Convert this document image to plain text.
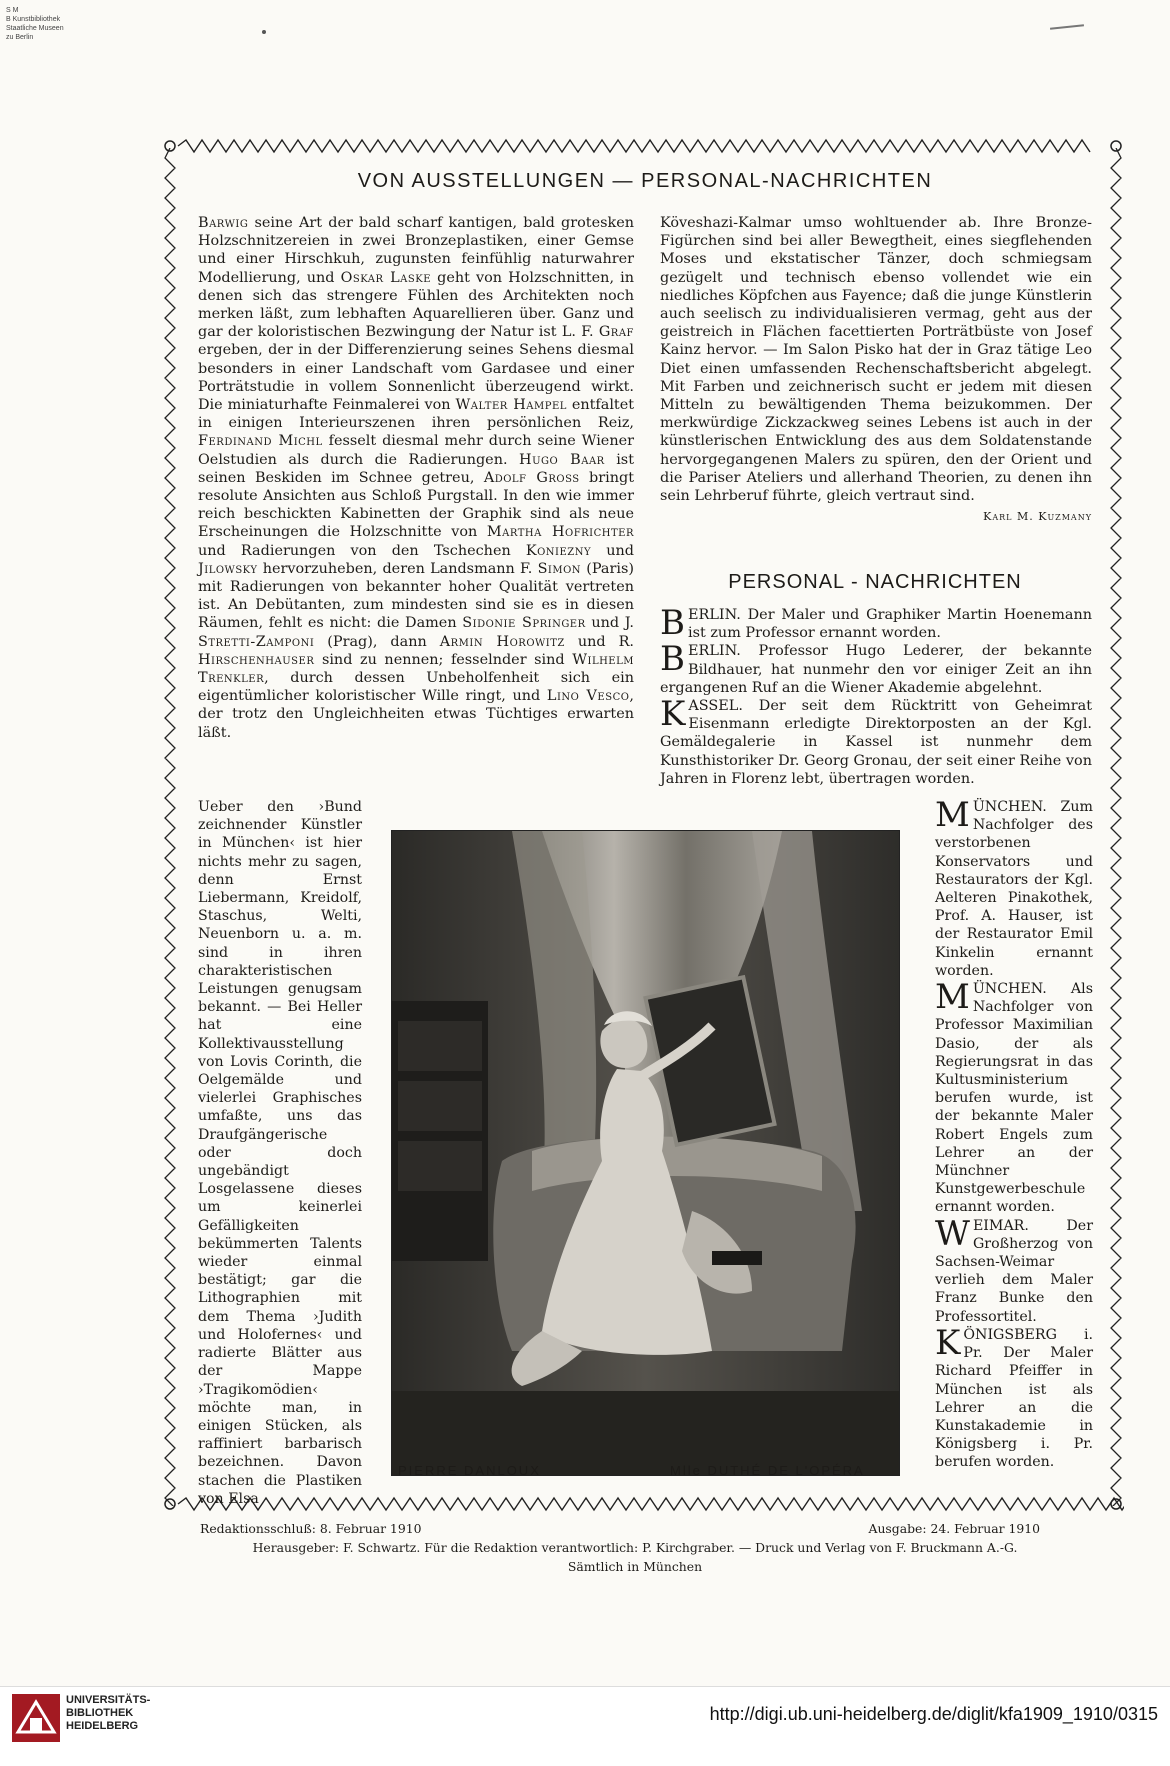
S M
B Kunstbibliothek
Staatliche Museen
zu Berlin
VON AUSSTELLUNGEN — PERSONAL-NACHRICHTEN

Barwig seine Art der bald scharf kantigen, bald grotesken Holzschnitzereien in zwei Bronzeplastiken, einer Gemse und einer Hirschkuh, zugunsten feinfühlig naturwahrer Modellierung, und Oskar Laske geht von Holzschnitten, in denen sich das strengere Fühlen des Architekten noch merken läßt, zum lebhaften Aquarellieren über. Ganz und gar der koloristischen Bezwingung der Natur ist L. F. Graf ergeben, der in der Differenzierung seines Sehens diesmal besonders in einer Landschaft vom Gardasee und einer Porträtstudie in vollem Sonnenlicht überzeugend wirkt. Die miniaturhafte Feinmalerei von Walter Hampel entfaltet in einigen Interieurszenen ihren persönlichen Reiz, Ferdinand Michl fesselt diesmal mehr durch seine Wiener Oelstudien als durch die Radierungen. Hugo Baar ist seinen Beskiden im Schnee getreu, Adolf Gross bringt resolute Ansichten aus Schloß Purgstall. In den wie immer reich beschickten Kabinetten der Graphik sind als neue Erscheinungen die Holzschnitte von Martha Hofrichter und Radierungen von den Tschechen Koniezny und Jilowsky hervorzuheben, deren Landsmann F. Simon (Paris) mit Radierungen von bekannter hoher Qualität vertreten ist. An Debütanten, zum mindesten sind sie es in diesen Räumen, fehlt es nicht: die Damen Sidonie Springer und J. Stretti-Zamponi (Prag), dann Armin Horowitz und R. Hirschenhauser sind zu nennen; fesselnder sind Wilhelm Trenkler, durch dessen Unbeholfenheit sich ein eigentümlicher koloristischer Wille ringt, und Lino Vesco, der trotz den Ungleichheiten etwas Tüchtiges erwarten läßt.

Ueber den ›Bund zeichnender Künstler in München‹ ist hier nichts mehr zu sagen, denn Ernst Liebermann, Kreidolf, Staschus, Welti, Neuenborn u. a. m. sind in ihren charakteristischen Leistungen genugsam bekannt. — Bei Heller hat eine Kollektivausstellung von Lovis Corinth, die Oelgemälde und vielerlei Graphisches umfaßte, uns das Draufgängerische oder doch ungebändigt Losgelassene dieses um keinerlei Gefälligkeiten bekümmerten Talents wieder einmal bestätigt; gar die Lithographien mit dem Thema ›Judith und Holofernes‹ und radierte Blätter aus der Mappe ›Tragikomödien‹ möchte man, in einigen Stücken, als raffiniert barbarisch bezeichnen. Davon stachen die Plastiken von Elsa

Köveshazi-Kalmar umso wohltuender ab. Ihre Bronze-Figürchen sind bei aller Bewegtheit, eines siegflehenden Moses und ekstatischer Tänzer, doch schmiegsam gezügelt und technisch ebenso vollendet wie ein niedliches Köpfchen aus Fayence; daß die junge Künstlerin auch seelisch zu individualisieren vermag, geht aus der geistreich in Flächen facettierten Porträtbüste von Josef Kainz hervor. — Im Salon Pisko hat der in Graz tätige Leo Diet einen umfassenden Rechenschaftsbericht abgelegt. Mit Farben und zeichnerisch sucht er jedem mit diesen Mitteln zu bewältigenden Thema beizukommen. Der merkwürdige Zickzackweg seines Lebens ist auch in der künstlerischen Entwicklung des aus dem Soldatenstande hervorgegangenen Malers zu spüren, den der Orient und die Pariser Ateliers und allerhand Theorien, zu denen ihn sein Lehrberuf führte, gleich vertraut sind.

Karl M. Kuzmany

PERSONAL - NACHRICHTEN

BERLIN. Der Maler und Graphiker Martin Hoenemann ist zum Professor ernannt worden.

BERLIN. Professor Hugo Lederer, der bekannte Bildhauer, hat nunmehr den vor einiger Zeit an ihn ergangenen Ruf an die Wiener Akademie abgelehnt.

KASSEL. Der seit dem Rücktritt von Geheimrat Eisenmann erledigte Direktorposten an der Kgl. Gemäldegalerie in Kassel ist nunmehr dem Kunsthistoriker Dr. Georg Gronau, der seit einer Reihe von Jahren in Florenz lebt, übertragen worden.

MÜNCHEN. Zum Nachfolger des verstorbenen Konservators und Restaurators der Kgl. Aelteren Pinakothek, Prof. A. Hauser, ist der Restaurator Emil Kinkelin ernannt worden.

MÜNCHEN. Als Nachfolger von Professor Maximilian Dasio, der als Regierungsrat in das Kultusministerium berufen wurde, ist der bekannte Maler Robert Engels zum Lehrer an der Münchner Kunstgewerbeschule ernannt worden.

WEIMAR. Der Großherzog von Sachsen-Weimar verlieh dem Maler Franz Bunke den Professortitel.

KÖNIGSBERG i. Pr. Der Maler Richard Pfeiffer in München ist als Lehrer an die Kunstakademie in Königsberg i. Pr. berufen worden.

PIERRE DANLOUX	Mlle DUTHÉ DE L'OPÉRA
Redaktionsschluß: 8. Februar 1910	Ausgabe: 24. Februar 1910
Herausgeber: F. Schwartz. Für die Redaktion verantwortlich: P. Kirchgraber. — Druck und Verlag von F. Bruckmann A.-G.
Sämtlich in München
UNIVERSITÄTS-
BIBLIOTHEK
HEIDELBERG
http://digi.ub.uni-heidelberg.de/diglit/kfa1909_1910/0315
